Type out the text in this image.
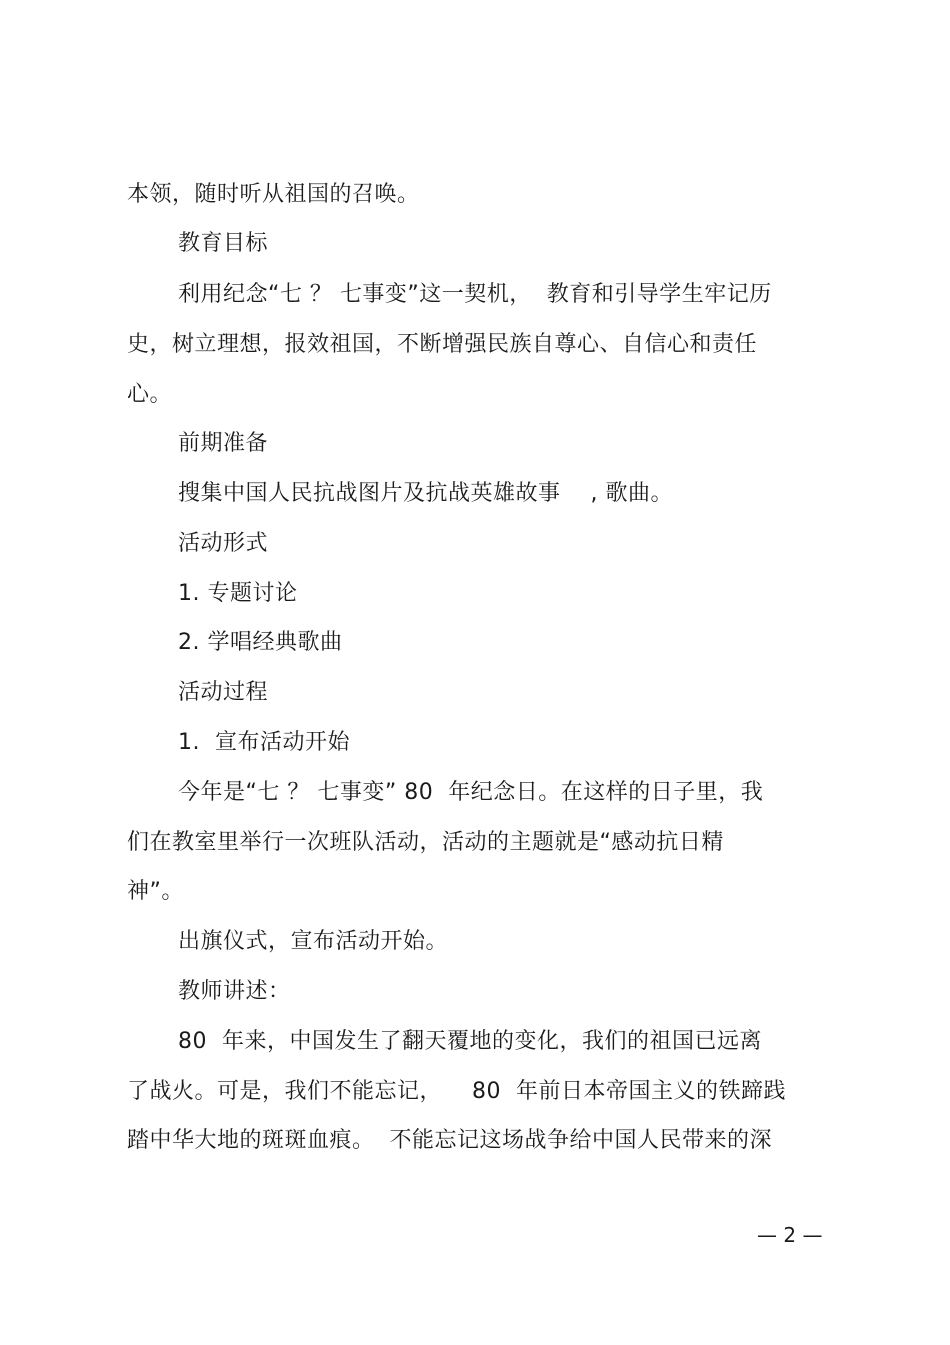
本领，随时听从祖国的召唤。
教育目标
利用纪念“七 ？ 七事变”这一契机，  教育和引导学生牢记历
史，树立理想，报效祖国，不断增强民族自尊心、自信心和责任
心。
前期准备
搜集中国人民抗战图片及抗战英雄故事    , 歌曲。
活动形式
1. 专题讨论
2. 学唱经典歌曲
活动过程
1.  宣布活动开始
今年是“七 ？ 七事变” 80  年纪念日。在这样的日子里，我
们在教室里举行一次班队活动，活动的主题就是“感动抗日精
神”。
出旗仪式，宣布活动开始。
教师讲述：
80  年来，中国发生了翻天覆地的变化，我们的祖国已远离
了战火。可是，我们不能忘记，    80  年前日本帝国主义的铁蹄践
踏中华大地的斑斑血痕。  不能忘记这场战争给中国人民带来的深
— 2 —
